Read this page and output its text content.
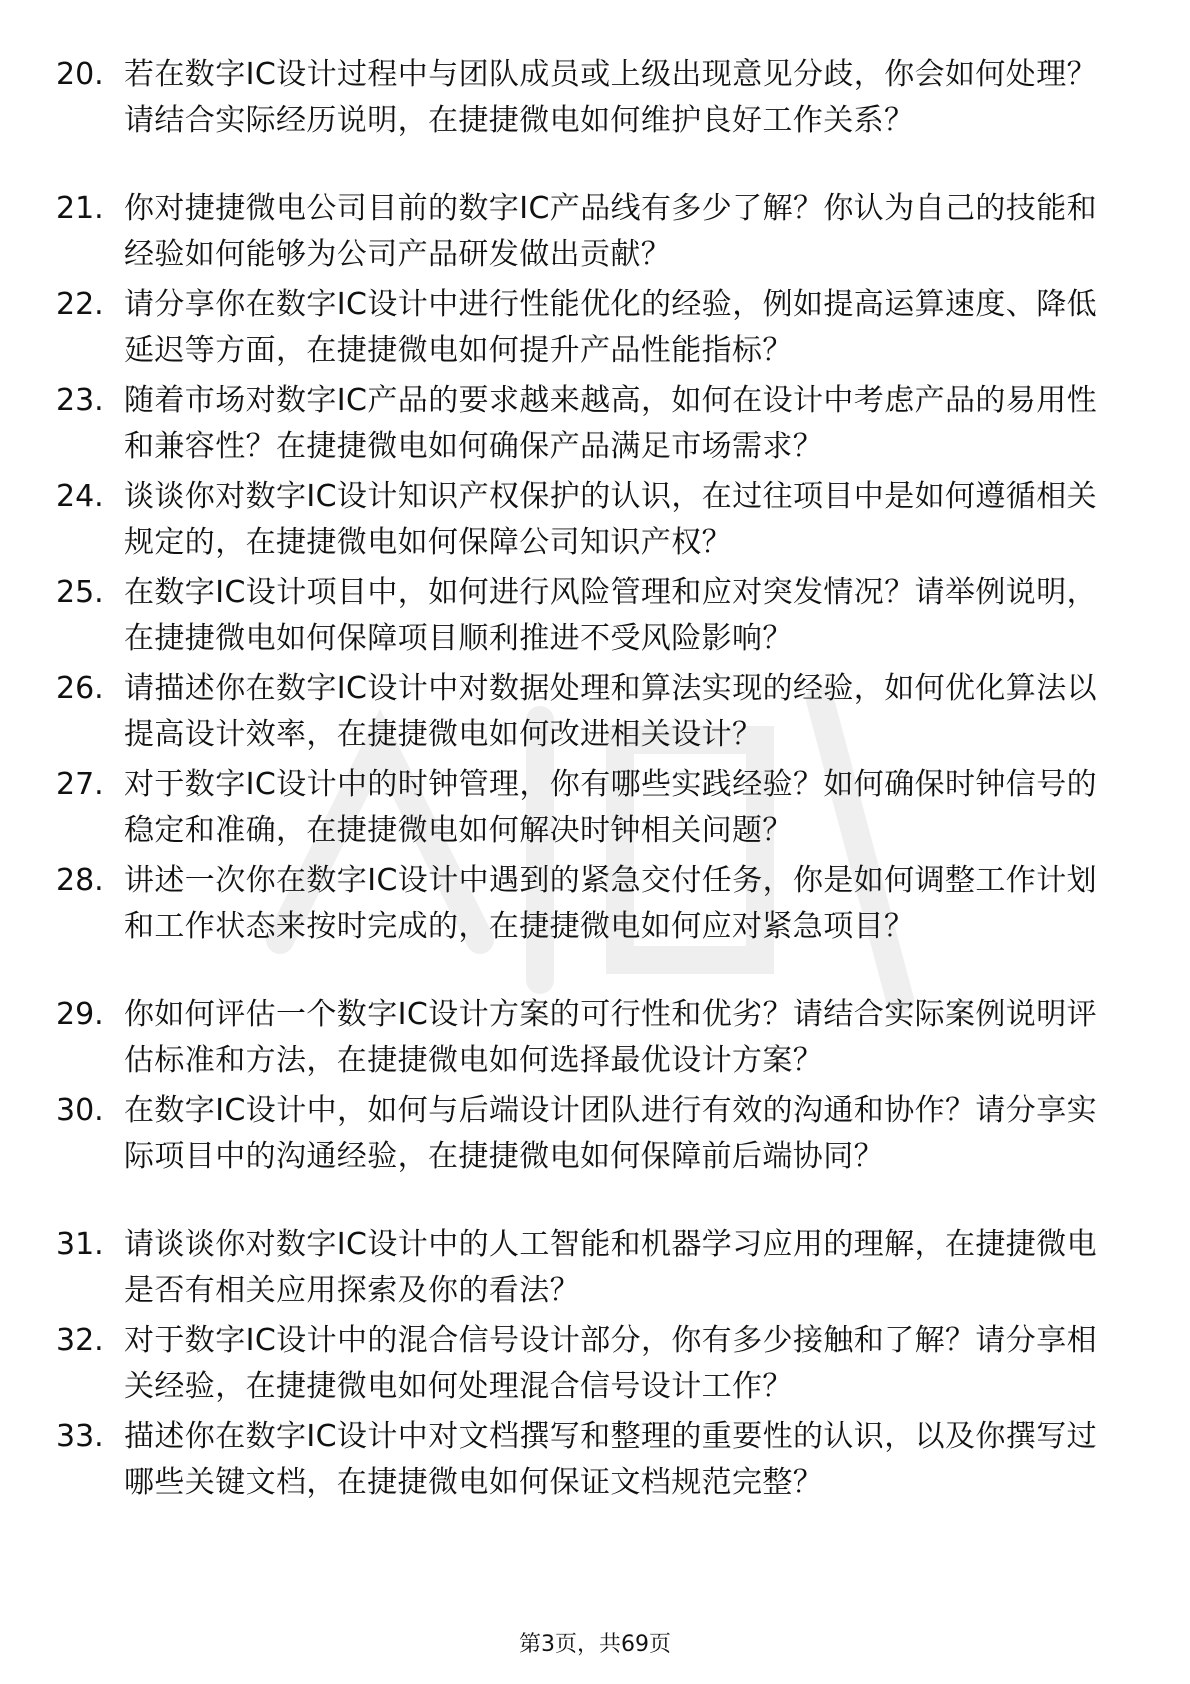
20. 若在数字IC设计过程中与团队成员或上级出现意见分歧，你会如何处理？请结合实际经历说明，在捷捷微电如何维护良好工作关系？
21. 你对捷捷微电公司目前的数字IC产品线有多少了解？你认为自己的技能和经验如何能够为公司产品研发做出贡献？
22. 请分享你在数字IC设计中进行性能优化的经验，例如提高运算速度、降低延迟等方面，在捷捷微电如何提升产品性能指标？
23. 随着市场对数字IC产品的要求越来越高，如何在设计中考虑产品的易用性和兼容性？在捷捷微电如何确保产品满足市场需求？
24. 谈谈你对数字IC设计知识产权保护的认识，在过往项目中是如何遵循相关规定的，在捷捷微电如何保障公司知识产权？
25. 在数字IC设计项目中，如何进行风险管理和应对突发情况？请举例说明，在捷捷微电如何保障项目顺利推进不受风险影响？
26. 请描述你在数字IC设计中对数据处理和算法实现的经验，如何优化算法以提高设计效率，在捷捷微电如何改进相关设计？
27. 对于数字IC设计中的时钟管理，你有哪些实践经验？如何确保时钟信号的稳定和准确，在捷捷微电如何解决时钟相关问题？
28. 讲述一次你在数字IC设计中遇到的紧急交付任务，你是如何调整工作计划和工作状态来按时完成的，在捷捷微电如何应对紧急项目？
29. 你如何评估一个数字IC设计方案的可行性和优劣？请结合实际案例说明评估标准和方法，在捷捷微电如何选择最优设计方案？
30. 在数字IC设计中，如何与后端设计团队进行有效的沟通和协作？请分享实际项目中的沟通经验，在捷捷微电如何保障前后端协同？
31. 请谈谈你对数字IC设计中的人工智能和机器学习应用的理解，在捷捷微电是否有相关应用探索及你的看法？
32. 对于数字IC设计中的混合信号设计部分，你有多少接触和了解？请分享相关经验，在捷捷微电如何处理混合信号设计工作？
33. 描述你在数字IC设计中对文档撰写和整理的重要性的认识，以及你撰写过哪些关键文档，在捷捷微电如何保证文档规范完整？
第3页，共69页
